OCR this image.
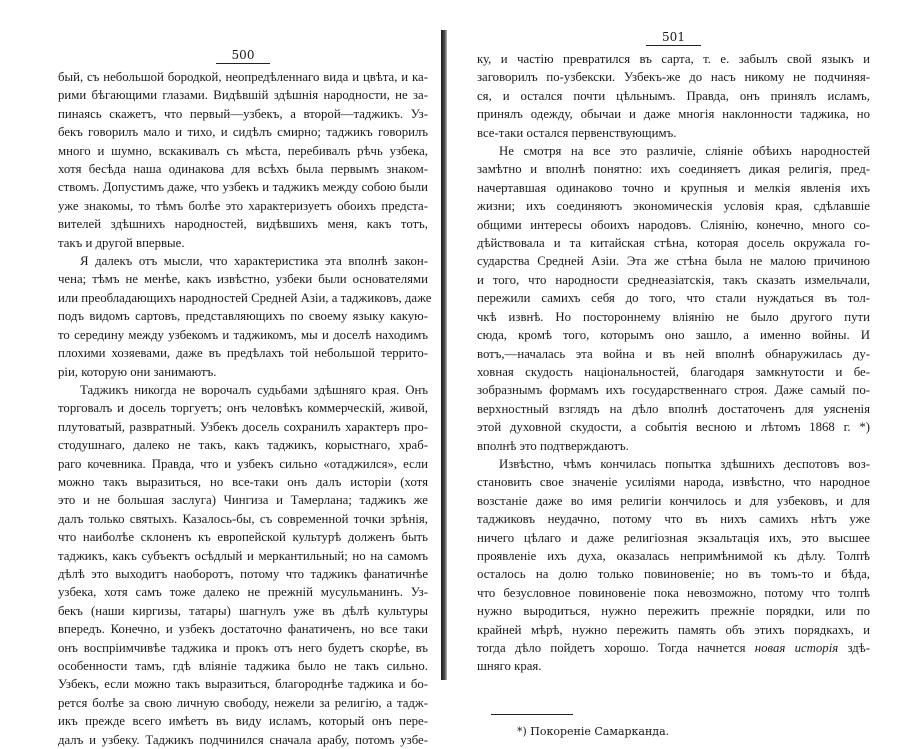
500
бый, съ небольшой бородкой, неопредѣленнаго вида и цвѣта, и ка-
рими бѣгающими глазами. Видѣвшій здѣшнія народности, не за-
пинаясь скажетъ, что первый—узбекъ, а второй—таджикъ. Уз-
бекъ говорилъ мало и тихо, и сидѣлъ смирно; таджикъ говорилъ
много и шумно, вскакивалъ съ мѣста, перебивалъ рѣчь узбека,
хотя бесѣда наша одинакова для всѣхъ была первымъ знаком-
ствомъ. Допустимъ даже, что узбекъ и таджикъ между собою были
уже знакомы, то тѣмъ болѣе это характеризуетъ обоихъ предста-
вителей здѣшнихъ народностей, видѣвшихъ меня, какъ тотъ,
такъ и другой впервые.
Я далекъ отъ мысли, что характеристика эта вполнѣ закон-
чена; тѣмъ не менѣе, какъ извѣстно, узбеки были основателями
или преобладающихъ народностей Средней Азіи, а таджиковъ, даже
подъ видомъ сартовъ, представляющихъ по своему языку какую-
то середину между узбекомъ и таджикомъ, мы и доселѣ находимъ
плохими хозяевами, даже въ предѣлахъ той небольшой террито-
ріи, которую они занимаютъ.
Таджикъ никогда не ворочалъ судьбами здѣшняго края. Онъ
торговалъ и досель торгуетъ; онъ человѣкъ коммерческій, живой,
плутоватый, развратный. Узбекъ досель сохранилъ характеръ про-
стодушнаго, далеко не такъ, какъ таджикъ, корыстнаго, храб-
раго кочевника. Правда, что и узбекъ сильно «отаджился», если
можно такъ выразиться, но все-таки онъ далъ исторіи (хотя
это и не большая заслуга) Чингиза и Тамерлана; таджикъ же
далъ только святыхъ. Казалось-бы, съ современной точки зрѣнія,
что наиболѣе склоненъ къ европейской культурѣ долженъ быть
таджикъ, какъ субъектъ осѣдлый и меркантильный; но на самомъ
дѣлѣ это выходитъ наоборотъ, потому что таджикъ фанатичнѣе
узбека, хотя самъ тоже далеко не прежній мусульманинъ. Уз-
бекъ (наши киргизы, татары) шагнулъ уже въ дѣлѣ культуры
впередъ. Конечно, и узбекъ достаточно фанатиченъ, но все таки
онъ воспріимчивѣе таджика и прокъ отъ него будетъ скорѣе, въ
особенности тамъ, гдѣ вліяніе таджика было не такъ сильно.
Узбекъ, если можно такъ выразиться, благороднѣе таджика и бо-
рется болѣе за свою личную свободу, нежели за религію, а тадж-
икъ прежде всего имѣетъ въ виду исламъ, который онъ пере-
далъ и узбеку. Таджикъ подчинился сначала арабу, потомъ узбе-
501
ку, и частію превратился въ сарта, т. е. забылъ свой языкъ и
заговорилъ по-узбекски. Узбекъ-же до насъ никому не подчиняя-
ся, и остался почти цѣльнымъ. Правда, онъ принялъ исламъ,
принялъ одежду, обычаи и даже многія наклонности таджика, но
все-таки остался первенствующимъ.
Не смотря на все это различіе, сліяніе обѣихъ народностей
замѣтно и вполнѣ понятно: ихъ соединяетъ дикая религія, пред-
начертавшая одинаково точно и крупныя и мелкія явленія ихъ
жизни; ихъ соединяютъ экономическія условія края, сдѣлавшіе
общими интересы обоихъ народовъ. Сліянію, конечно, много со-
дѣйствовала и та китайская стѣна, которая досель окружала го-
сударства Средней Азіи. Эта же стѣна была не малою причиною
и того, что народности среднеазіатскія, такъ сказать измельчали,
пережили самихъ себя до того, что стали нуждаться въ тол-
чкѣ извнѣ. Но постороннему вліянію не было другого пути
сюда, кромѣ того, которымъ оно зашло, а именно войны. И
вотъ,—началась эта война и въ ней вполнѣ обнаружилась ду-
ховная скудость національностей, благодаря замкнутости и бе-
зобразнымъ формамъ ихъ государственнаго строя. Даже самый по-
верхностный взглядъ на дѣло вполнѣ достаточенъ для уясненія
этой духовной скудости, а событія весною и лѣтомъ 1868 г. *)
вполнѣ это подтверждаютъ.
Извѣстно, чѣмъ кончилась попытка здѣшнихъ деспотовъ воз-
становить свое значеніе усиліями народа, извѣстно, что народное
возстаніе даже во имя религіи кончилось и для узбековъ, и для
таджиковъ неудачно, потому что въ нихъ самихъ нѣтъ уже
ничего цѣлаго и даже религіозная экзальтація ихъ, это высшее
проявленіе ихъ духа, оказалась непримѣнимой къ дѣлу. Толпѣ
осталось на долю только повиновеніе; но въ томъ-то и бѣда,
что безусловное повиновеніе пока невозможно, потому что толпѣ
нужно выродиться, нужно пережить прежніе порядки, или по
крайней мѣрѣ, нужно пережить память объ этихъ порядкахъ, и
тогда дѣло пойдетъ хорошо. Тогда начнется новая исторія здѣ-
шняго края.
*) Покореніе Самарканда.
